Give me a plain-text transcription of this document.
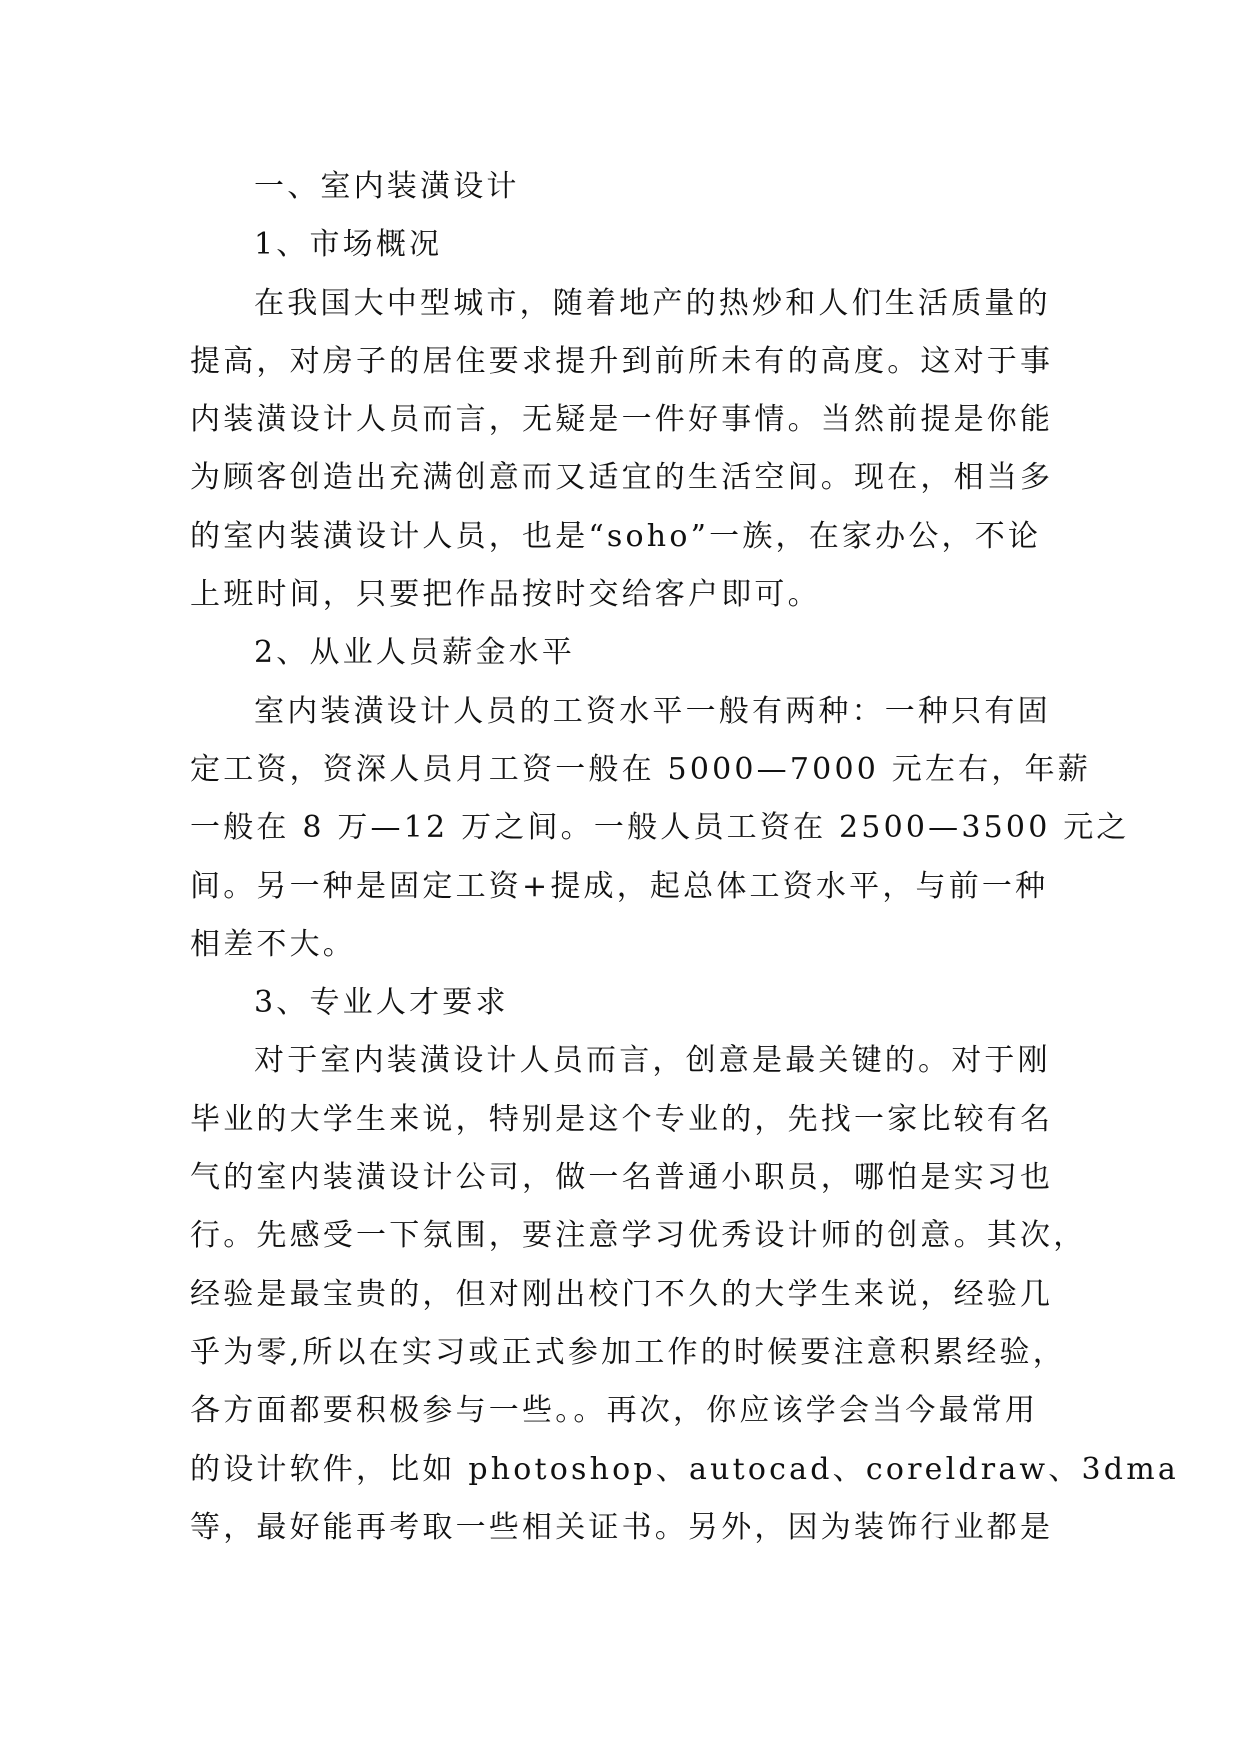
一、室内装潢设计
1、市场概况
在我国大中型城市，随着地产的热炒和人们生活质量的
提高，对房子的居住要求提升到前所未有的高度。这对于事
内装潢设计人员而言，无疑是一件好事情。当然前提是你能
为顾客创造出充满创意而又适宜的生活空间。现在，相当多
的室内装潢设计人员，也是“soho”一族，在家办公，不论
上班时间，只要把作品按时交给客户即可。
2、从业人员薪金水平
室内装潢设计人员的工资水平一般有两种：一种只有固
定工资，资深人员月工资一般在 5000—7000 元左右，年薪
一般在 8 万—12 万之间。一般人员工资在 2500—3500 元之
间。另一种是固定工资+提成，起总体工资水平，与前一种
相差不大。
3、专业人才要求
对于室内装潢设计人员而言，创意是最关键的。对于刚
毕业的大学生来说，特别是这个专业的，先找一家比较有名
气的室内装潢设计公司，做一名普通小职员，哪怕是实习也
行。先感受一下氛围，要注意学习优秀设计师的创意。其次，
经验是最宝贵的，但对刚出校门不久的大学生来说，经验几
乎为零,所以在实习或正式参加工作的时候要注意积累经验，
各方面都要积极参与一些。。再次，你应该学会当今最常用
的设计软件，比如 photoshop、autocad、coreldraw、3dma
等，最好能再考取一些相关证书。另外，因为装饰行业都是
